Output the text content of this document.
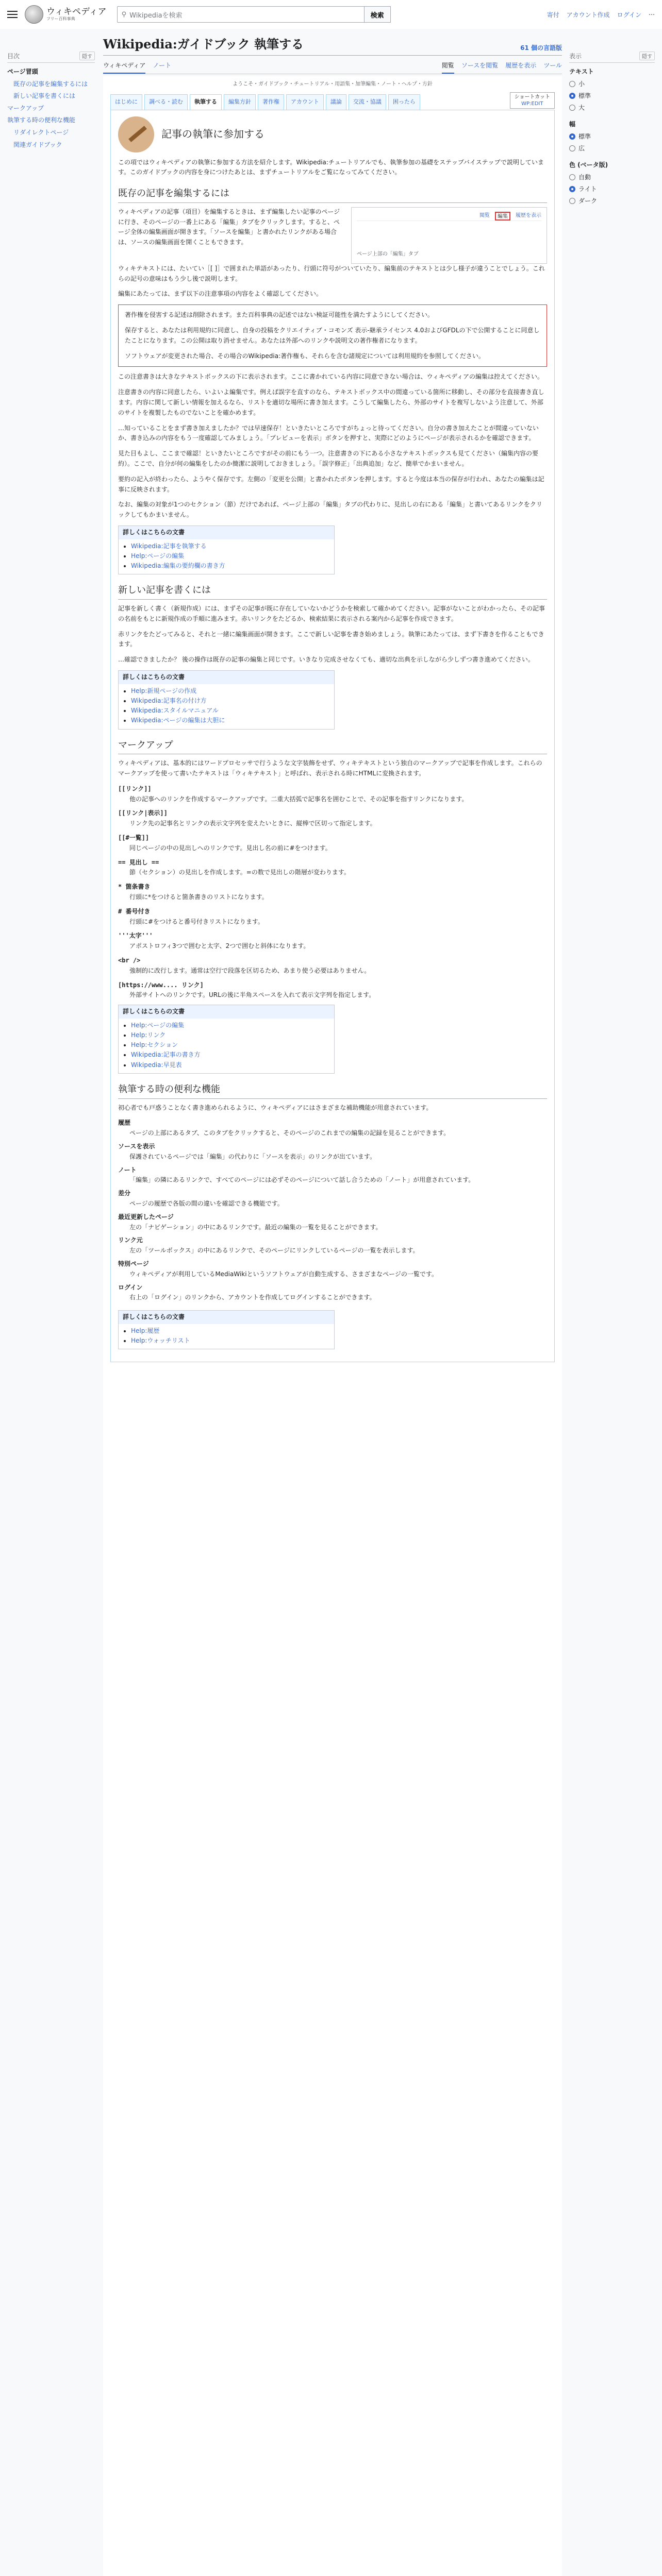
ウィキペディア
フリー百科事典
⚲ Wikipediaを検索	検索	寄付 アカウント作成 ログイン ⋯
目次	隠す
ページ冒頭
既存の記事を編集するには
新しい記事を書くには
マークアップ
執筆する時の便利な機能
リダイレクトページ
関連ガイドブック
表示	隠す
テキスト
小
標準
大
幅
標準
広
色 (ベータ版)
自動
ライト
ダーク
Wikipedia:ガイドブック 執筆する	61 個の言語版
ウィキペディア ノート	閲覧 ソースを閲覧 履歴を表示 ツール
ようこそ・ガイドブック・チュートリアル・用語集・加筆編集・ノート・ヘルプ・方針
はじめに	調べる・読む	執筆する	編集方針	著作権	アカウント	議論	交流・協議	困ったら
ショートカット
WP:EDIT
記事の執筆に参加する

この項ではウィキペディアの執筆に参加する方法を紹介します。Wikipedia:チュートリアルでも、執筆参加の基礎をステップバイステップで説明しています。このガイドブックの内容を身につけたあとは、まずチュートリアルをご覧になってみてください。

既存の記事を編集するには

ウィキペディアの記事（項目）を編集するときは、まず編集したい記事のページに行き、そのページの一番上にある「編集」タブをクリックします。すると、ページ全体の編集画面が開きます。「ソースを編集」と書かれたリンクがある場合は、ソースの編集画面を開くこともできます。

閲覧	編集	履歴を表示
ページ上部の「編集」タブ

ウィキテキストには、たいてい［[ ]］で囲まれた単語があったり、行頭に符号がついていたり、編集前のテキストとは少し様子が違うことでしょう。これらの記号の意味はもう少し後で説明します。

編集にあたっては、まず以下の注意事項の内容をよく確認してください。

著作権を侵害する記述は削除されます。また百科事典の記述ではない検証可能性を満たすようにしてください。

保存すると、あなたは利用規約に同意し、自身の投稿をクリエイティブ・コモンズ 表示-継承ライセンス 4.0およびGFDLの下で公開することに同意したことになります。この公開は取り消せません。あなたは外部へのリンクや説明文の著作権者になります。

ソフトウェアが変更された場合、その場合のWikipedia:著作権も、それらを含む諸規定については利用規約を参照してください。

この注意書きは大きなテキストボックスの下に表示されます。ここに書かれている内容に同意できない場合は、ウィキペディアの編集は控えてください。

注意書きの内容に同意したら、いよいよ編集です。例えば誤字を直すのなら、テキストボックス中の間違っている箇所に移動し、その部分を直接書き直します。内容に関して新しい情報を加えるなら、リストを適切な場所に書き加えます。こうして編集したら、外部のサイトを複写しないよう注意して、外部のサイトを複製したものでないことを確かめます。

…知っていることをまず書き加えましたか？では早速保存！といきたいところですがちょっと待ってください。自分の書き加えたことが間違っていないか、書き込みの内容をもう一度確認してみましょう。「プレビューを表示」ボタンを押すと、実際にどのようにページが表示されるかを確認できます。

見た目もよし、ここまで確認！といきたいところですがその前にもう一つ。注意書きの下にある小さなテキストボックスも見てください（編集内容の要約）。ここで、自分が何の編集をしたのか簡潔に説明しておきましょう。「誤字修正」「出典追加」など、簡単でかまいません。

要約の記入が終わったら、ようやく保存です。左側の「変更を公開」と書かれたボタンを押します。すると今度は本当の保存が行われ、あなたの編集は記事に反映されます。

なお、編集の対象が1つのセクション（節）だけであれば、ページ上部の「編集」タブの代わりに、見出しの右にある「編集」と書いてあるリンクをクリックしてもかまいません。

詳しくはこちらの文書
• Wikipedia:記事を執筆する
• Help:ページの編集
• Wikipedia:編集の要約欄の書き方
新しい記事を書くには

記事を新しく書く（新規作成）には、まずその記事が既に存在していないかどうかを検索して確かめてください。記事がないことがわかったら、その記事の名前をもとに新規作成の手順に進みます。赤いリンクをたどるか、検索結果に表示される案内から記事を作成できます。

赤リンクをたどってみると、それと一緒に編集画面が開きます。ここで新しい記事を書き始めましょう。執筆にあたっては、まず下書きを作ることもできます。

…確認できましたか？ 後の操作は既存の記事の編集と同じです。いきなり完成させなくても、適切な出典を示しながら少しずつ書き進めてください。

詳しくはこちらの文書
• Help:新規ページの作成
• Wikipedia:記事名の付け方
• Wikipedia:スタイルマニュアル
• Wikipedia:ページの編集は大胆に
マークアップ

ウィキペディアは、基本的にはワードプロセッサで行うような文字装飾をせず、ウィキテキストという独自のマークアップで記事を作成します。これらのマークアップを使って書いたテキストは「ウィキテキスト」と呼ばれ、表示される時にHTMLに変換されます。

[[リンク]]
他の記事へのリンクを作成するマークアップです。二重大括弧で記事名を囲むことで、その記事を指すリンクになります。
[[リンク|表示]]
リンク先の記事名とリンクの表示文字列を変えたいときに、縦棒で区切って指定します。
[[#一覧]]
同じページの中の見出しへのリンクです。見出し名の前に#をつけます。
== 見出し ==
節（セクション）の見出しを作成します。=の数で見出しの階層が変わります。
* 箇条書き
行頭に*をつけると箇条書きのリストになります。
# 番号付き
行頭に#をつけると番号付きリストになります。
'''太字'''
アポストロフィ3つで囲むと太字、2つで囲むと斜体になります。
<br />
強制的に改行します。通常は空行で段落を区切るため、あまり使う必要はありません。
[https://www.... リンク]
外部サイトへのリンクです。URLの後に半角スペースを入れて表示文字列を指定します。
詳しくはこちらの文書
• Help:ページの編集
• Help:リンク
• Help:セクション
• Wikipedia:記事の書き方
• Wikipedia:早見表
執筆する時の便利な機能

初心者でも戸惑うことなく書き進められるように、ウィキペディアにはさまざまな補助機能が用意されています。

履歴
ページの上部にあるタブ、このタブをクリックすると、そのページのこれまでの編集の記録を見ることができます。
ソースを表示
保護されているページでは「編集」の代わりに「ソースを表示」のリンクが出ています。
ノート
「編集」の隣にあるリンクで、すべてのページには必ずそのページについて話し合うための「ノート」が用意されています。
差分
ページの履歴で各版の間の違いを確認できる機能です。
最近更新したページ
左の「ナビゲーション」の中にあるリンクです。最近の編集の一覧を見ることができます。
リンク元
左の「ツールボックス」の中にあるリンクで、そのページにリンクしているページの一覧を表示します。
特別ページ
ウィキペディアが利用しているMediaWikiというソフトウェアが自動生成する、さまざまなページの一覧です。
ログイン
右上の「ログイン」のリンクから、アカウントを作成してログインすることができます。
詳しくはこちらの文書
• Help:履歴
• Help:ウォッチリスト
